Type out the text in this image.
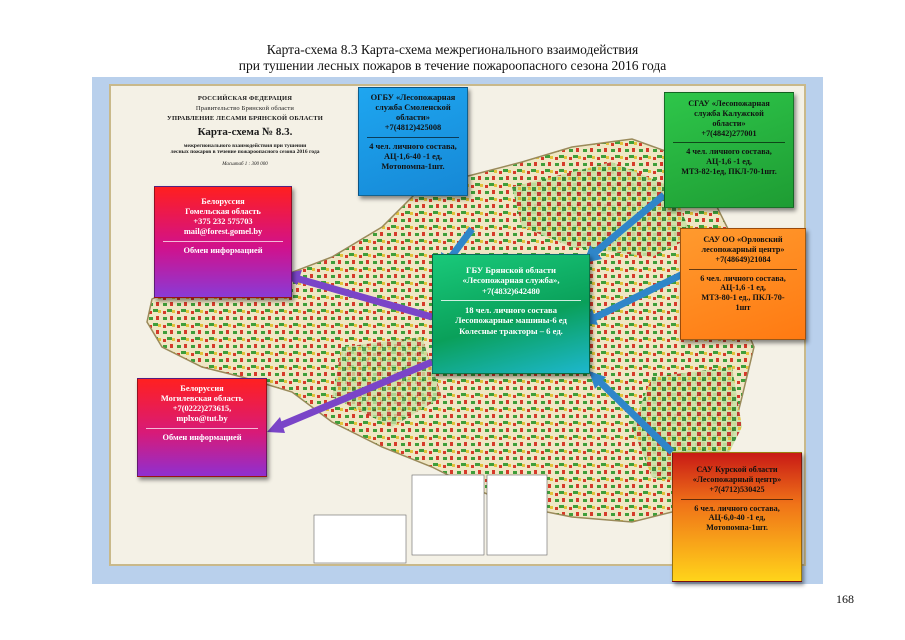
Карта-схема 8.3 Карта-схема межрегионального взаимодействия
при тушении лесных пожаров в течение пожароопасного сезона 2016 года
РОССИЙСКАЯ ФЕДЕРАЦИЯ
Правительство Брянской области
УПРАВЛЕНИЕ ЛЕСАМИ БРЯНСКОЙ ОБЛАСТИ
Карта-схема № 8.3.
межрегионального взаимодействия при тушении
лесных пожаров в течение пожароопасного сезона 2016 года
Масштаб 1 : 300 000
ОГБУ «Лесопожарная
служба Смоленской
области»
+7(4812)425008
4 чел. личного состава,
АЦ-1,6-40 -1 ед,
Мотопомпа-1шт.
СГАУ «Лесопожарная
служба Калужской
области»
+7(4842)277001
4 чел. личного состава,
АЦ-1,6 -1 ед,
МТЗ-82-1ед, ПКЛ-70-1шт.
Белоруссия
Гомельская область
+375 232 575703
mail@forest.gomel.by
Обмен информацией
ГБУ Брянской области
«Лесопожарная служба»,
+7(4832)642480
18 чел. личного состава
Лесопожарные машины-6 ед
Колесные тракторы – 6 ед.
САУ ОО «Орловский
лесопожарный центр»
+7(48649)21084
6 чел. личного состава,
АЦ-1,6 -1 ед,
МТЗ-80-1 ед., ПКЛ-70-
1шт
Белоруссия
Могилевская область
+7(0222)273615,
mplxo@tut.by
Обмен информацией
САУ Курской области
«Лесопожарный центр»
+7(4712)530425
6 чел. личного состава,
АЦ-6,0-40 -1 ед,
Мотопомпа-1шт.
168
